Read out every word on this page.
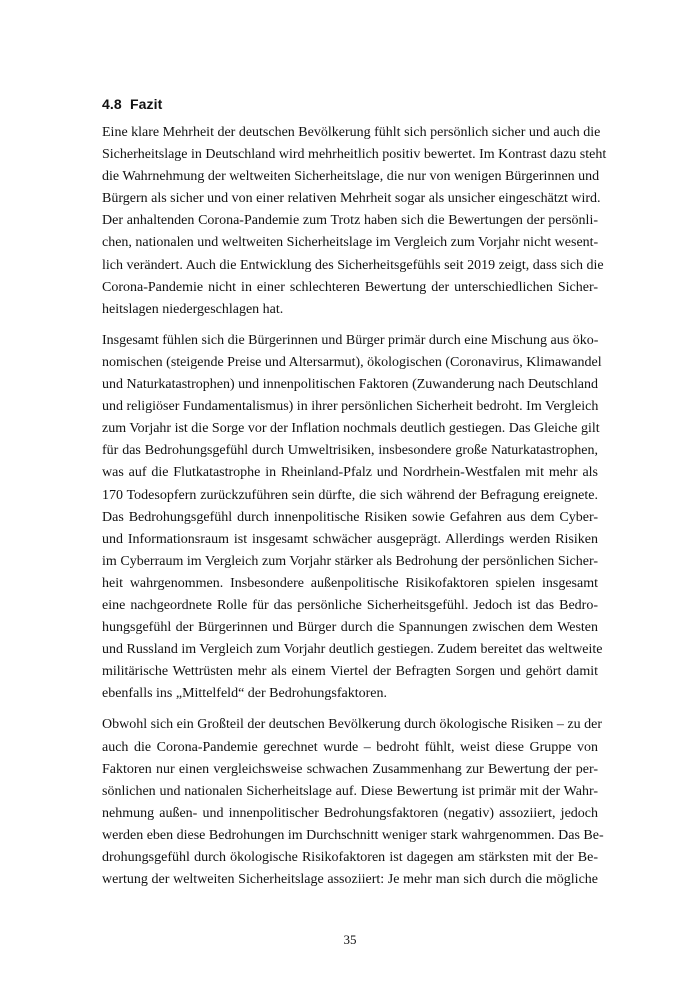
4.8 Fazit

Eine klare Mehrheit der deutschen Bevölkerung fühlt sich persönlich sicher und auch die
Sicherheitslage in Deutschland wird mehrheitlich positiv bewertet. Im Kontrast dazu steht
die Wahrnehmung der weltweiten Sicherheitslage, die nur von wenigen Bürgerinnen und
Bürgern als sicher und von einer relativen Mehrheit sogar als unsicher eingeschätzt wird.
Der anhaltenden Corona-Pandemie zum Trotz haben sich die Bewertungen der persönli-
chen, nationalen und weltweiten Sicherheitslage im Vergleich zum Vorjahr nicht wesent-
lich verändert. Auch die Entwicklung des Sicherheitsgefühls seit 2019 zeigt, dass sich die
Corona-Pandemie nicht in einer schlechteren Bewertung der unterschiedlichen Sicher-
heitslagen niedergeschlagen hat.

Insgesamt fühlen sich die Bürgerinnen und Bürger primär durch eine Mischung aus öko-
nomischen (steigende Preise und Altersarmut), ökologischen (Coronavirus, Klimawandel
und Naturkatastrophen) und innenpolitischen Faktoren (Zuwanderung nach Deutschland
und religiöser Fundamentalismus) in ihrer persönlichen Sicherheit bedroht. Im Vergleich
zum Vorjahr ist die Sorge vor der Inflation nochmals deutlich gestiegen. Das Gleiche gilt
für das Bedrohungsgefühl durch Umweltrisiken, insbesondere große Naturkatastrophen,
was auf die Flutkatastrophe in Rheinland-Pfalz und Nordrhein-Westfalen mit mehr als
170 Todesopfern zurückzuführen sein dürfte, die sich während der Befragung ereignete.
Das Bedrohungsgefühl durch innenpolitische Risiken sowie Gefahren aus dem Cyber-
und Informationsraum ist insgesamt schwächer ausgeprägt. Allerdings werden Risiken
im Cyberraum im Vergleich zum Vorjahr stärker als Bedrohung der persönlichen Sicher-
heit wahrgenommen. Insbesondere außenpolitische Risikofaktoren spielen insgesamt
eine nachgeordnete Rolle für das persönliche Sicherheitsgefühl. Jedoch ist das Bedro-
hungsgefühl der Bürgerinnen und Bürger durch die Spannungen zwischen dem Westen
und Russland im Vergleich zum Vorjahr deutlich gestiegen. Zudem bereitet das weltweite
militärische Wettrüsten mehr als einem Viertel der Befragten Sorgen und gehört damit
ebenfalls ins „Mittelfeld“ der Bedrohungsfaktoren.

Obwohl sich ein Großteil der deutschen Bevölkerung durch ökologische Risiken – zu der
auch die Corona-Pandemie gerechnet wurde – bedroht fühlt, weist diese Gruppe von
Faktoren nur einen vergleichsweise schwachen Zusammenhang zur Bewertung der per-
sönlichen und nationalen Sicherheitslage auf. Diese Bewertung ist primär mit der Wahr-
nehmung außen- und innenpolitischer Bedrohungsfaktoren (negativ) assoziiert, jedoch
werden eben diese Bedrohungen im Durchschnitt weniger stark wahrgenommen. Das Be-
drohungsgefühl durch ökologische Risikofaktoren ist dagegen am stärksten mit der Be-
wertung der weltweiten Sicherheitslage assoziiert: Je mehr man sich durch die mögliche

35
